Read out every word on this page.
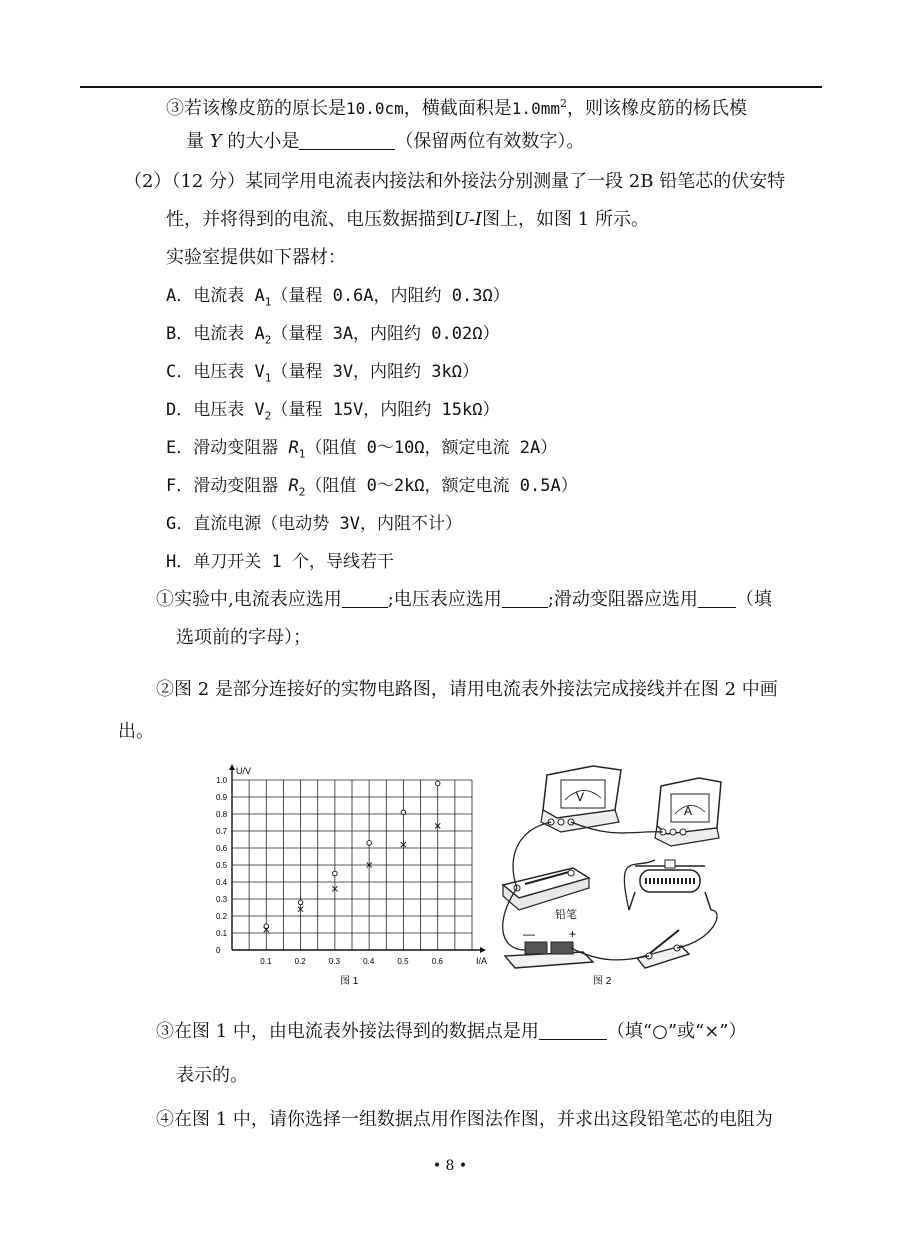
③若该橡皮筋的原长是10.0cm，横截面积是$1.0mm^2$，则该橡皮筋的杨氏模
量 Y 的大小是	（保留两位有效数字）。
（2）（12 分）某同学用电流表内接法和外接法分别测量了一段 2B 铅笔芯的伏安特
性，并将得到的电流、电压数据描到U-I图上，如图 1 所示。
实验室提供如下器材：
A．电流表 $A_1$（量程 0.6A，内阻约 0.3Ω）
B．电流表 $A_2$（量程 3A，内阻约 0.02Ω）
C．电压表 $V_1$（量程 3V，内阻约 3kΩ）
D．电压表 $V_2$（量程 15V，内阻约 15kΩ）
E．滑动变阻器 $R_1$（阻值 0～10Ω，额定电流 2A）
F．滑动变阻器 $R_2$（阻值 0～2kΩ，额定电流 0.5A）
G．直流电源（电动势 3V，内阻不计）
H．单刀开关 1 个，导线若干
①实验中,电流表应选用	;电压表应选用	;滑动变阻器应选用 （填
选项前的字母）；
②图 2 是部分连接好的实物电路图，请用电流表外接法完成接线并在图 2 中画
出。
U/V
I/A
0.1	0.2	0.3	0.4	0.5	0.6
0
0.1
0.2
0.3
0.4
0.5
0.6
0.7
0.8
0.9
1.0
图 1
V
A
铅笔
—	+
图 2
③在图 1 中，由电流表外接法得到的数据点是用	（填“○”或“×”）
表示的。
④在图 1 中，请你选择一组数据点用作图法作图，并求出这段铅笔芯的电阻为
• 8 •
